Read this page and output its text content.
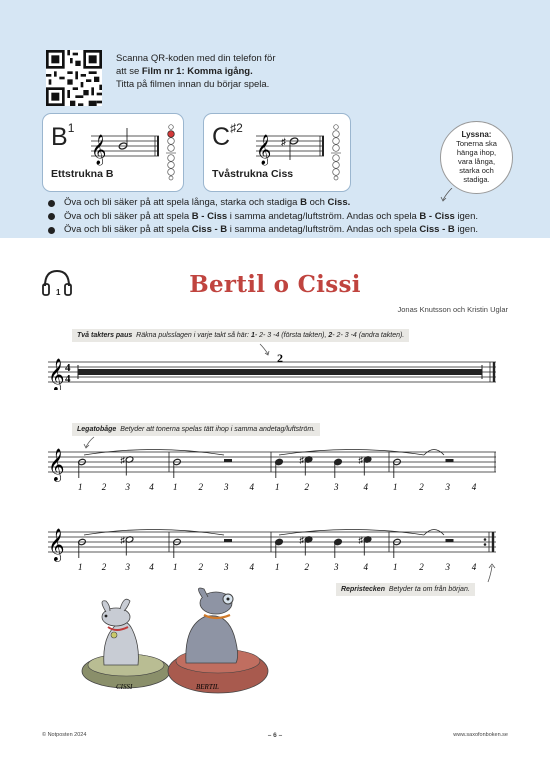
Scanna QR-koden med din telefon för
att se Film nr 1: Komma igång.
Titta på filmen innan du börjar spela.
$B^1$
𝄞
Ettstrukna B
$C^{♯2}$
𝄞 ♯
Tvåstrukna Ciss
Lyssna:
Tonerna ska
hänga ihop,
vara långa,
starka och
stadiga.
Öva och bli säker på att spela långa, starka och stadiga B och Ciss.
Öva och bli säker på att spela B - Ciss i samma andetag/luftström. Andas och spela B - Ciss igen.
Öva och bli säker på att spela Ciss - B i samma andetag/luftström. Andas och spela Ciss - B igen.
1	Bertil o Cissi
Jonas Knutsson och Kristin Uglar
Två takters paus Räkna pulsslagen i varje takt så här: 1- 2- 3 -4 (första takten), 2- 2- 3 -4 (andra takten).
𝄞 4
4
2
Legatobåge Betyder att tonerna spelas tätt ihop i samma andetag/luftström.
𝄞
1 2 3 4
♯
1 2 3 4 1	2	3	4
♯	♯
1 2 3 4
𝄞
1 2 3 4
♯
1 2 3 4 1	2	3	4
♯	♯
1 2 3 4
Repristecken Betyder ta om från början.
CISSI	BERTIL
© Notposten 2024	– 6 –	www.saxofonboken.se
